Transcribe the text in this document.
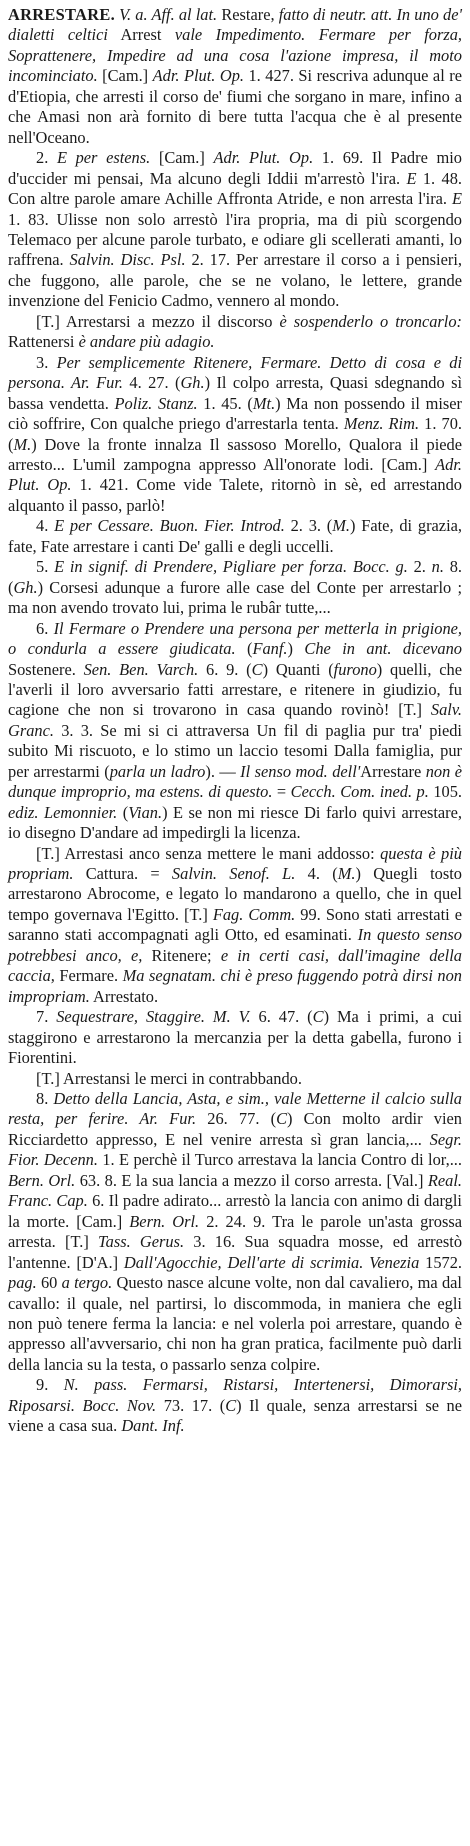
ARRESTARE. V. a. Aff. al lat. Restare, fatto di neutr. att. In uno de' dialetti celtici Arrest vale Impedimento. Fermare per forza, Soprattenere, Impedire ad una cosa l'azione impresa, il moto incominciato. [Cam.] Adr. Plut. Op. 1. 427. Si rescriva adunque al re d'Etiopia, che arresti il corso de' fiumi che sorgano in mare, infino a che Amasi non arà fornito di bere tutta l'acqua che è al presente nell'Oceano.

2. E per estens. [Cam.] Adr. Plut. Op. 1. 69. Il Padre mio d'uccider mi pensai, Ma alcuno degli Iddii m'arrestò l'ira. E 1. 48. Con altre parole amare Achille Affronta Atride, e non arresta l'ira. E 1. 83. Ulisse non solo arrestò l'ira propria, ma di più scorgendo Telemaco per alcune parole turbato, e odiare gli scellerati amanti, lo raffrena. Salvin. Disc. Psl. 2. 17. Per arrestare il corso a i pensieri, che fuggono, alle parole, che se ne volano, le lettere, grande invenzione del Fenicio Cadmo, vennero al mondo.

[T.] Arrestarsi a mezzo il discorso è sospenderlo o troncarlo: Rattenersi è andare più adagio.

3. Per semplicemente Ritenere, Fermare. Detto di cosa e di persona. Ar. Fur. 4. 27. (Gh.) Il colpo arresta, Quasi sdegnando sì bassa vendetta. Poliz. Stanz. 1. 45. (Mt.) Ma non possendo il miser ciò soffrire, Con qualche priego d'arrestarla tenta. Menz. Rim. 1. 70. (M.) Dove la fronte innalza Il sassoso Morello, Qualora il piede arresto... L'umil zampogna appresso All'onorate lodi. [Cam.] Adr. Plut. Op. 1. 421. Come vide Talete, ritornò in sè, ed arrestando alquanto il passo, parlò!

4. E per Cessare. Buon. Fier. Introd. 2. 3. (M.) Fate, di grazia, fate, Fate arrestare i canti De' galli e degli uccelli.

5. E in signif. di Prendere, Pigliare per forza. Bocc. g. 2. n. 8. (Gh.) Corsesi adunque a furore alle case del Conte per arrestarlo ; ma non avendo trovato lui, prima le rubâr tutte,...

6. Il Fermare o Prendere una persona per metterla in prigione, o condurla a essere giudicata. (Fanf.) Che in ant. dicevano Sostenere. Sen. Ben. Varch. 6. 9. (C) Quanti (furono) quelli, che l'averli il loro avversario fatti arrestare, e ritenere in giudizio, fu cagione che non si trovarono in casa quando rovinò! [T.] Salv. Granc. 3. 3. Se mi si ci attraversa Un fil di paglia pur tra' piedi subito Mi riscuoto, e lo stimo un laccio tesomi Dalla famiglia, pur per arrestarmi (parla un ladro). — Il senso mod. dell'Arrestare non è dunque improprio, ma estens. di questo. = Cecch. Com. ined. p. 105. ediz. Lemonnier. (Vian.) E se non mi riesce Di farlo quivi arrestare, io disegno D'andare ad impedirgli la licenza.

[T.] Arrestasi anco senza mettere le mani addosso: questa è più propriam. Cattura. = Salvin. Senof. L. 4. (M.) Quegli tosto arrestarono Abrocome, e legato lo mandarono a quello, che in quel tempo governava l'Egitto. [T.] Fag. Comm. 99. Sono stati arrestati e saranno stati accompagnati agli Otto, ed esaminati. In questo senso potrebbesi anco, e, Ritenere; e in certi casi, dall'imagine della caccia, Fermare. Ma segnatam. chi è preso fuggendo potrà dirsi non impropriam. Arrestato.

7. Sequestrare, Staggire. M. V. 6. 47. (C) Ma i primi, a cui staggirono e arrestarono la mercanzia per la detta gabella, furono i Fiorentini.

[T.] Arrestansi le merci in contrabbando.

8. Detto della Lancia, Asta, e sim., vale Metterne il calcio sulla resta, per ferire. Ar. Fur. 26. 77. (C) Con molto ardir vien Ricciardetto appresso, E nel venire arresta sì gran lancia,... Segr. Fior. Decenn. 1. E perchè il Turco arrestava la lancia Contro di lor,... Bern. Orl. 63. 8. E la sua lancia a mezzo il corso arresta. [Val.] Real. Franc. Cap. 6. Il padre adirato... arrestò la lancia con animo di dargli la morte. [Cam.] Bern. Orl. 2. 24. 9. Tra le parole un'asta grossa arresta. [T.] Tass. Gerus. 3. 16. Sua squadra mosse, ed arrestò l'antenne. [D'A.] Dall'Agocchie, Dell'arte di scrimia. Venezia 1572. pag. 60 a tergo. Questo nasce alcune volte, non dal cavaliero, ma dal cavallo: il quale, nel partirsi, lo discommoda, in maniera che egli non può tenere ferma la lancia: e nel volerla poi arrestare, quando è appresso all'avversario, chi non ha gran pratica, facilmente può darli della lancia su la testa, o passarlo senza colpire.

9. N. pass. Fermarsi, Ristarsi, Intertenersi, Dimorarsi, Riposarsi. Bocc. Nov. 73. 17. (C) Il quale, senza arrestarsi se ne viene a casa sua. Dant. Inf.
